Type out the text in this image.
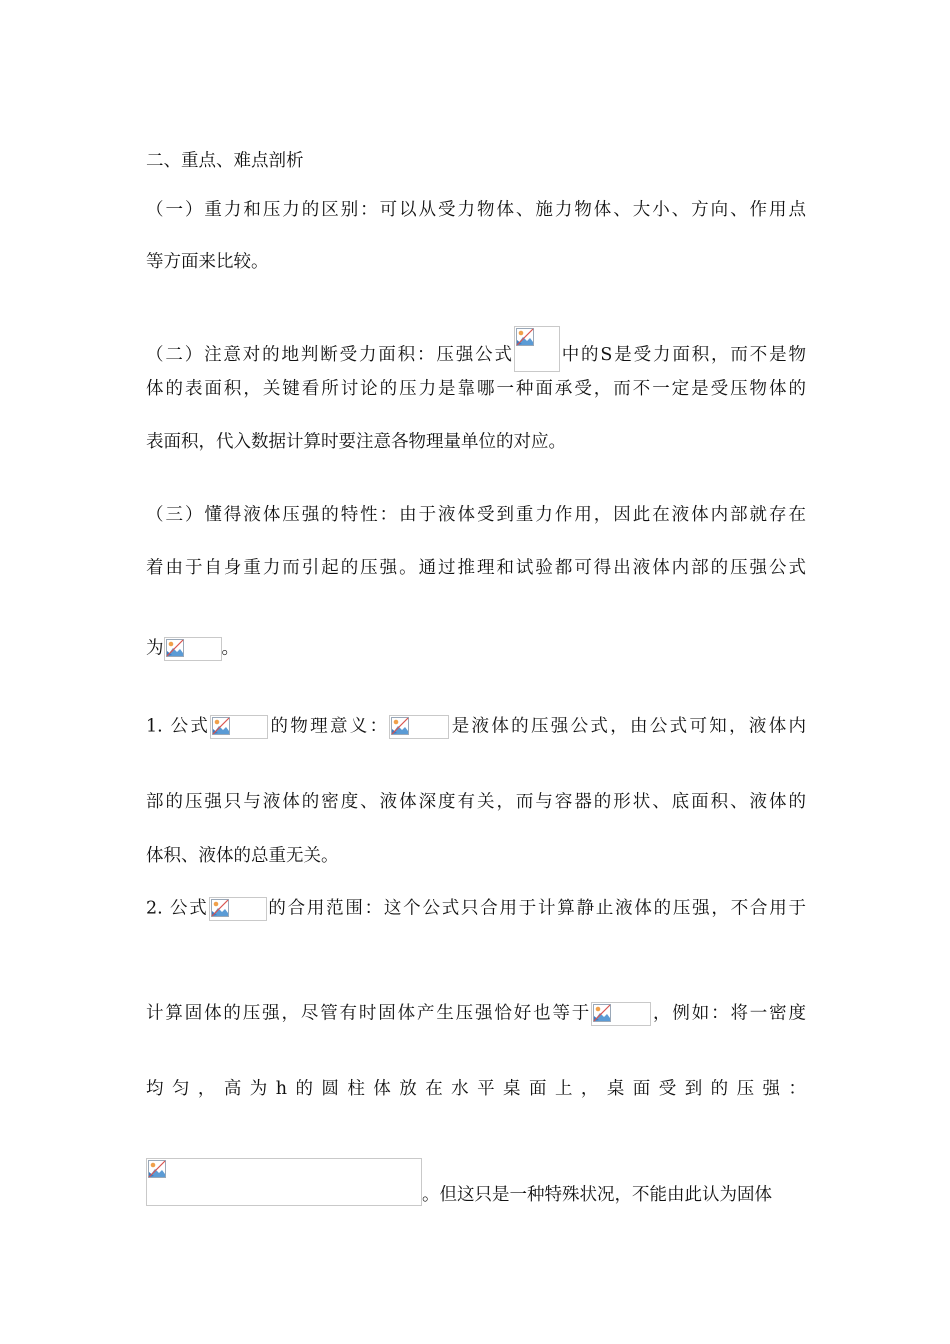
二、重点、难点剖析
（一）重力和压力的区别：可以从受力物体、施力物体、大小、方向、作用点
等方面来比较。
（二）注意对的地判断受力面积：压强公式	中的S是受力面积，而不是物
体的表面积，关键看所讨论的压力是靠哪一种面承受，而不一定是受压物体的
表面积，代入数据计算时要注意各物理量单位的对应。
（三）懂得液体压强的特性：由于液体受到重力作用，因此在液体内部就存在
着由于自身重力而引起的压强。通过推理和试验都可得出液体内部的压强公式
为	。
1. 公式	的物理意义：	是液体的压强公式，由公式可知，液体内
部的压强只与液体的密度、液体深度有关，而与容器的形状、底面积、液体的
体积、液体的总重无关。
2. 公式	的合用范围：这个公式只合用于计算静止液体的压强，不合用于
计算固体的压强，尽管有时固体产生压强恰好也等于	，例如：将一密度
均匀，高为h的圆柱体放在水平桌面上，桌面受到的压强：
。但这只是一种特殊状况，不能由此认为固体
